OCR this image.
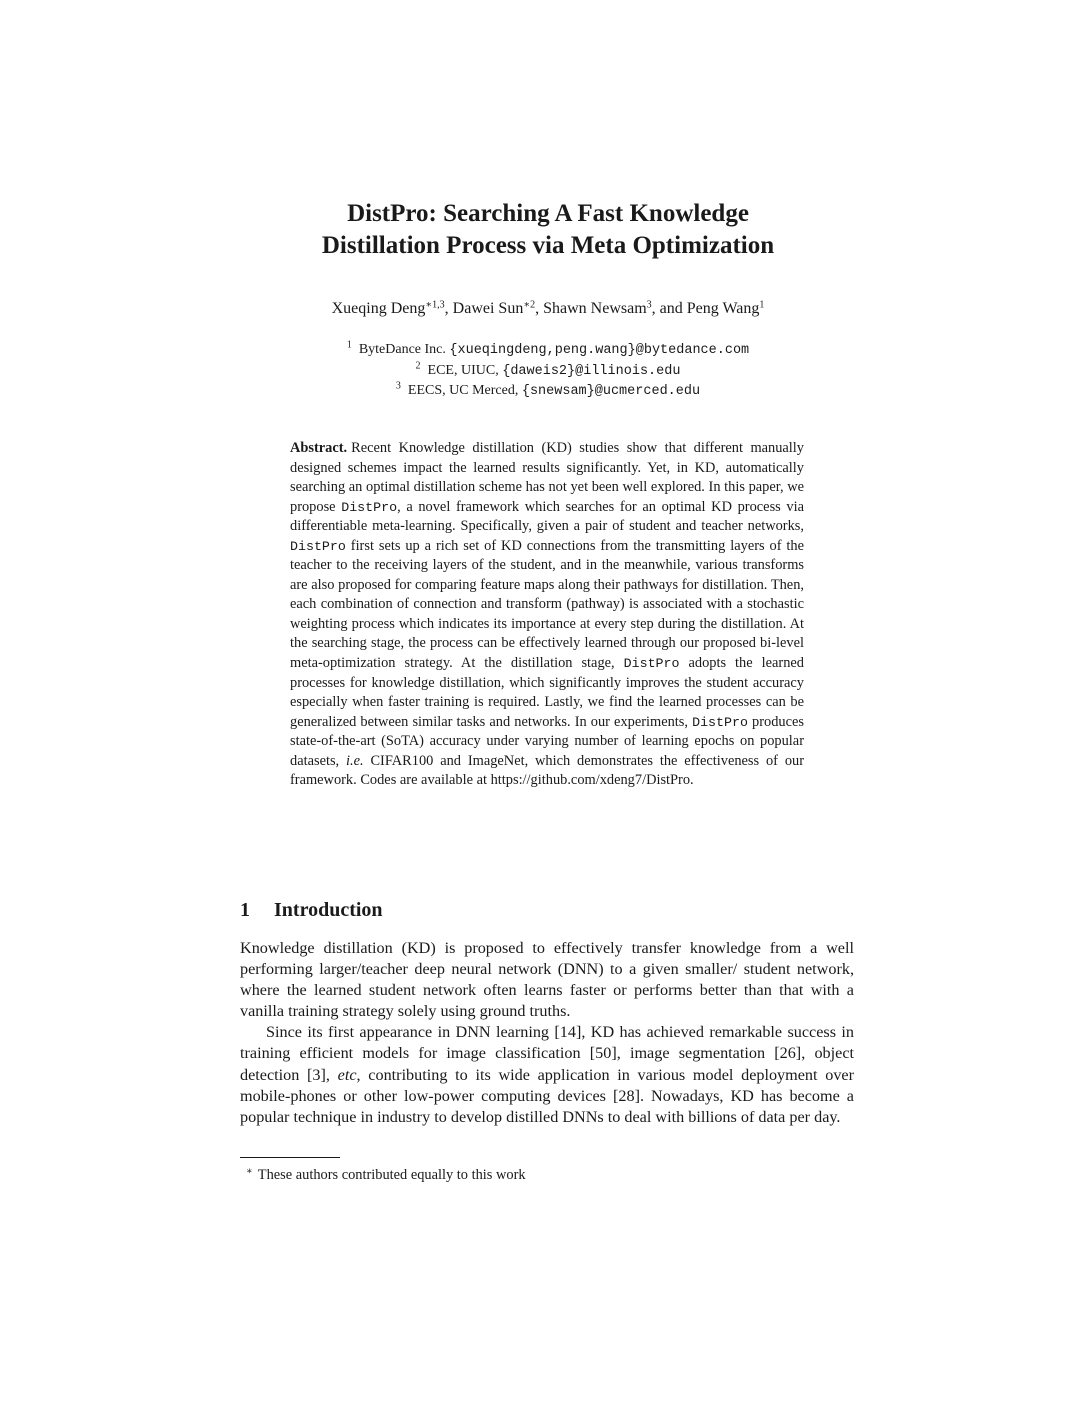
DistPro: Searching A Fast Knowledge
Distillation Process via Meta Optimization
Xueqing Deng$^{∗1,3}$, Dawei Sun$^{∗2}$, Shawn Newsam$^3$, and Peng Wang$^1$
$^1$ ByteDance Inc. {xueqingdeng,peng.wang}@bytedance.com
$^2$ ECE, UIUC, {daweis2}@illinois.edu
$^3$ EECS, UC Merced, {snewsam}@ucmerced.edu

Abstract. Recent Knowledge distillation (KD) studies show that different manually designed schemes impact the learned results significantly. Yet, in KD, automatically searching an optimal distillation scheme has not yet been well explored. In this paper, we propose DistPro, a novel framework which searches for an optimal KD process via differentiable meta-learning. Specifically, given a pair of student and teacher networks, DistPro first sets up a rich set of KD connections from the transmitting layers of the teacher to the receiving layers of the student, and in the meanwhile, various transforms are also proposed for comparing feature maps along their pathways for distillation. Then, each combination of connection and transform (pathway) is associated with a stochastic weighting process which indicates its importance at every step during the distillation. At the searching stage, the process can be effectively learned through our proposed bi-level meta-optimization strategy. At the distillation stage, DistPro adopts the learned processes for knowledge distillation, which significantly improves the student accuracy especially when faster training is required. Lastly, we find the learned processes can be generalized between similar tasks and networks. In our experiments, DistPro produces state-of-the-art (SoTA) accuracy under varying number of learning epochs on popular datasets, i.e. CIFAR100 and ImageNet, which demonstrates the effectiveness of our framework. Codes are available at https://github.com/xdeng7/DistPro.

1 Introduction

Knowledge distillation (KD) is proposed to effectively transfer knowledge from a well performing larger/teacher deep neural network (DNN) to a given smaller/ student network, where the learned student network often learns faster or performs better than that with a vanilla training strategy solely using ground truths.

Since its first appearance in DNN learning [14], KD has achieved remarkable success in training efficient models for image classification [50], image segmentation [26], object detection [3], etc, contributing to its wide application in various model deployment over mobile-phones or other low-power computing devices [28]. Nowadays, KD has become a popular technique in industry to develop distilled DNNs to deal with billions of data per day.

∗ These authors contributed equally to this work
